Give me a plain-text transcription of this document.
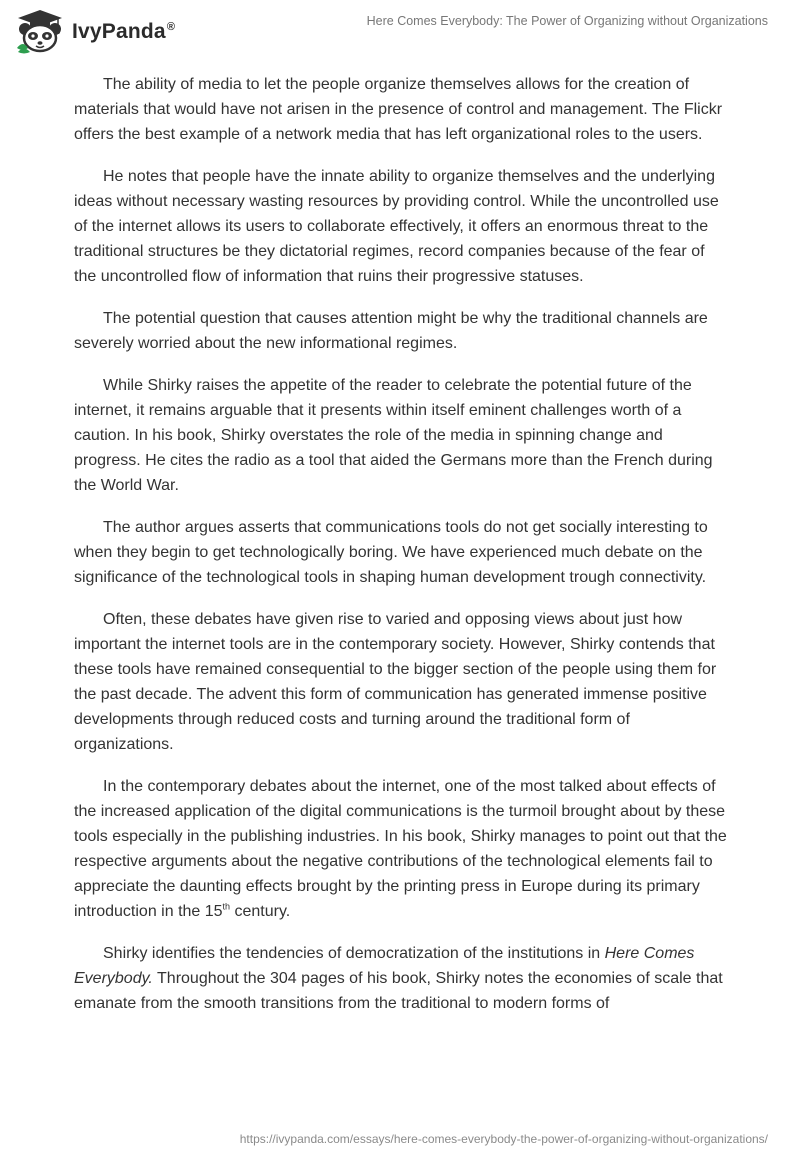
IvyPanda®	Here Comes Everybody: The Power of Organizing without Organizations

The ability of media to let the people organize themselves allows for the creation of materials that would have not arisen in the presence of control and management. The Flickr offers the best example of a network media that has left organizational roles to the users.

He notes that people have the innate ability to organize themselves and the underlying ideas without necessary wasting resources by providing control. While the uncontrolled use of the internet allows its users to collaborate effectively, it offers an enormous threat to the traditional structures be they dictatorial regimes, record companies because of the fear of the uncontrolled flow of information that ruins their progressive statuses.

The potential question that causes attention might be why the traditional channels are severely worried about the new informational regimes.

While Shirky raises the appetite of the reader to celebrate the potential future of the internet, it remains arguable that it presents within itself eminent challenges worth of a caution. In his book, Shirky overstates the role of the media in spinning change and progress. He cites the radio as a tool that aided the Germans more than the French during the World War.

The author argues asserts that communications tools do not get socially interesting to when they begin to get technologically boring. We have experienced much debate on the significance of the technological tools in shaping human development trough connectivity.

Often, these debates have given rise to varied and opposing views about just how important the internet tools are in the contemporary society. However, Shirky contends that these tools have remained consequential to the bigger section of the people using them for the past decade. The advent this form of communication has generated immense positive developments through reduced costs and turning around the traditional form of organizations.

In the contemporary debates about the internet, one of the most talked about effects of the increased application of the digital communications is the turmoil brought about by these tools especially in the publishing industries. In his book, Shirky manages to point out that the respective arguments about the negative contributions of the technological elements fail to appreciate the daunting effects brought by the printing press in Europe during its primary introduction in the 15th century.

Shirky identifies the tendencies of democratization of the institutions in Here Comes Everybody. Throughout the 304 pages of his book, Shirky notes the economies of scale that emanate from the smooth transitions from the traditional to modern forms of

https://ivypanda.com/essays/here-comes-everybody-the-power-of-organizing-without-organizations/
